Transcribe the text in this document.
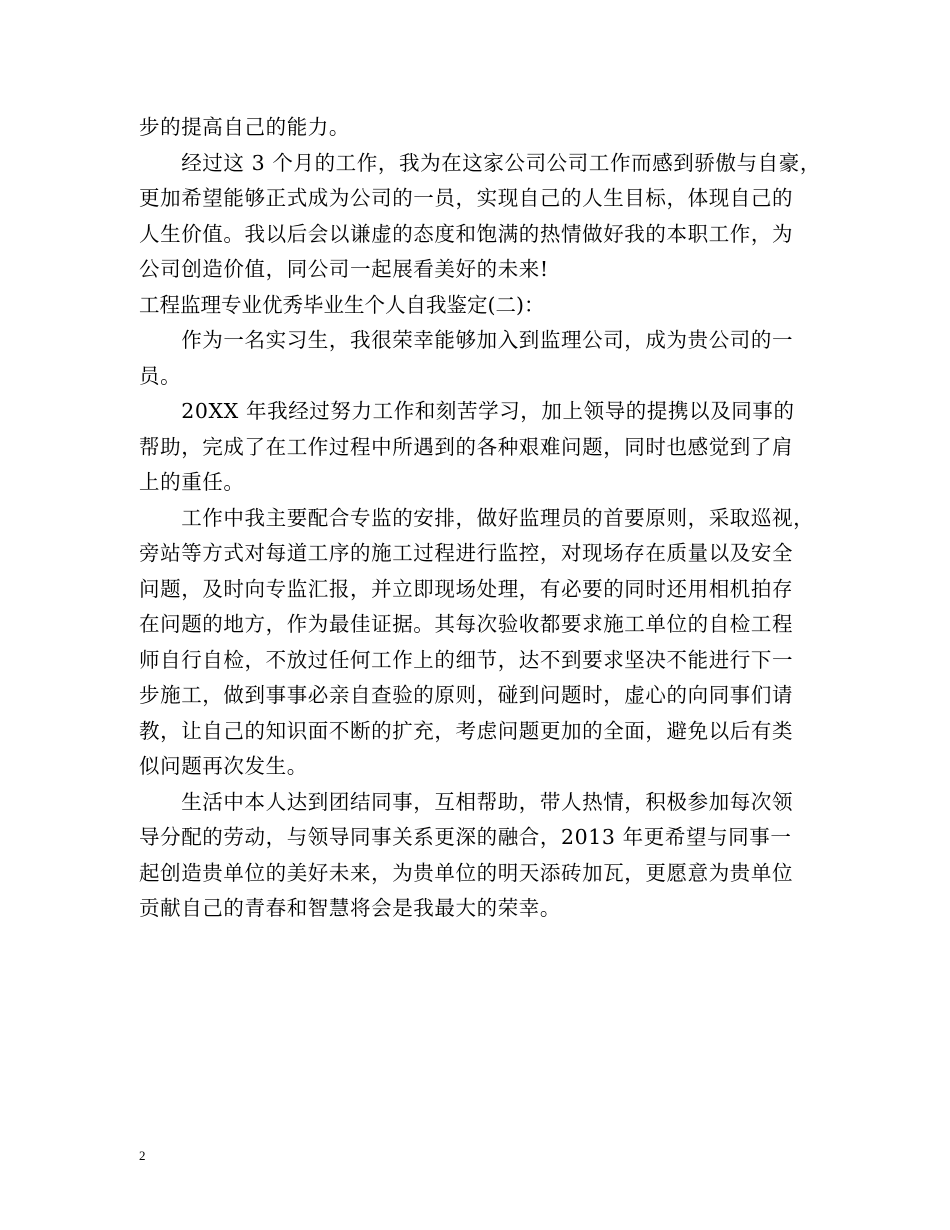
步的提高自己的能力。
　　经过这 3 个月的工作，我为在这家公司公司工作而感到骄傲与自豪，
更加希望能够正式成为公司的一员，实现自己的人生目标，体现自己的
人生价值。我以后会以谦虚的态度和饱满的热情做好我的本职工作，为
公司创造价值，同公司一起展看美好的未来!
工程监理专业优秀毕业生个人自我鉴定(二)：
　　作为一名实习生，我很荣幸能够加入到监理公司，成为贵公司的一
员。
　　20XX 年我经过努力工作和刻苦学习，加上领导的提携以及同事的
帮助，完成了在工作过程中所遇到的各种艰难问题，同时也感觉到了肩
上的重任。
　　工作中我主要配合专监的安排，做好监理员的首要原则，采取巡视，
旁站等方式对每道工序的施工过程进行监控，对现场存在质量以及安全
问题，及时向专监汇报，并立即现场处理，有必要的同时还用相机拍存
在问题的地方，作为最佳证据。其每次验收都要求施工单位的自检工程
师自行自检，不放过任何工作上的细节，达不到要求坚决不能进行下一
步施工，做到事事必亲自查验的原则，碰到问题时，虚心的向同事们请
教，让自己的知识面不断的扩充，考虑问题更加的全面，避免以后有类
似问题再次发生。
　　生活中本人达到团结同事，互相帮助，带人热情，积极参加每次领
导分配的劳动，与领导同事关系更深的融合，2013 年更希望与同事一
起创造贵单位的美好未来，为贵单位的明天添砖加瓦，更愿意为贵单位
贡献自己的青春和智慧将会是我最大的荣幸。
2
